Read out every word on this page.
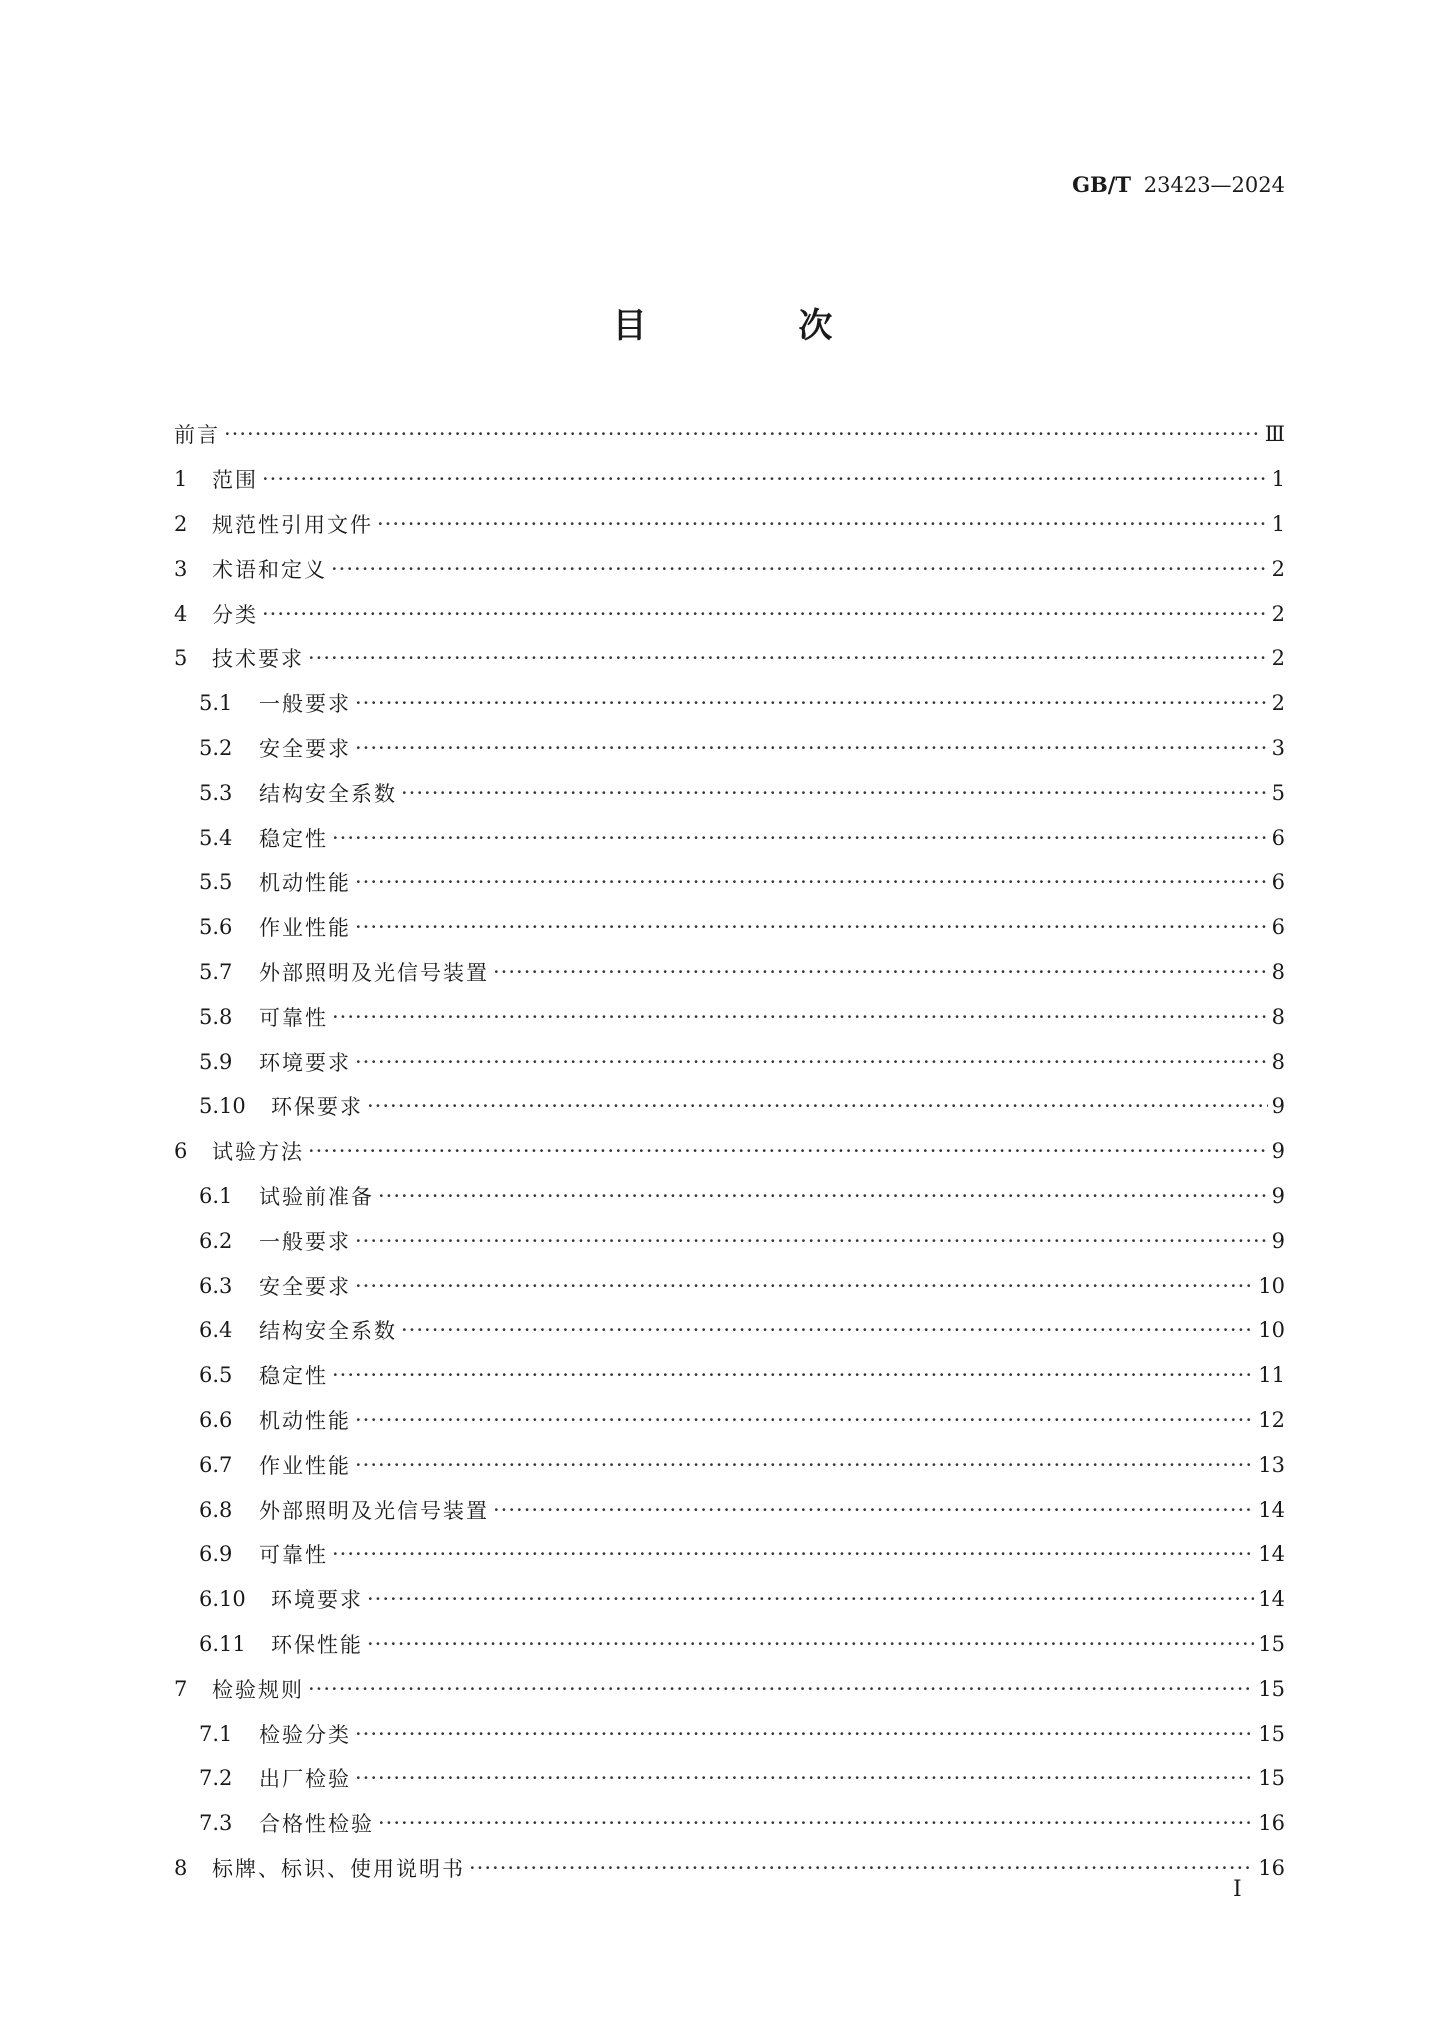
GB/T 23423—2024
目 次
前言 ·····	Ⅲ
1	范围 ·····	1
2	规范性引用文件 ·····	1
3	术语和定义 ·····	2
4	分类 ·····	2
5	技术要求 ·····	2
5.1	一般要求 ·····	2
5.2	安全要求 ·····	3
5.3	结构安全系数 ·····	5
5.4	稳定性 ·····	6
5.5	机动性能 ·····	6
5.6	作业性能 ·····	6
5.7	外部照明及光信号装置 ·····	8
5.8	可靠性 ·····	8
5.9	环境要求 ·····	8
5.10	环保要求 ·····	9
6	试验方法 ·····	9
6.1	试验前准备 ·····	9
6.2	一般要求 ·····	9
6.3	安全要求 ·····	10
6.4	结构安全系数 ·····	10
6.5	稳定性 ·····	11
6.6	机动性能 ·····	12
6.7	作业性能 ·····	13
6.8	外部照明及光信号装置 ·····	14
6.9	可靠性 ·····	14
6.10	环境要求 ·····	14
6.11	环保性能 ·····	15
7	检验规则 ·····	15
7.1	检验分类 ·····	15
7.2	出厂检验 ·····	15
7.3	合格性检验 ·····	16
8	标牌、标识、使用说明书 ·····	16
Ⅰ
